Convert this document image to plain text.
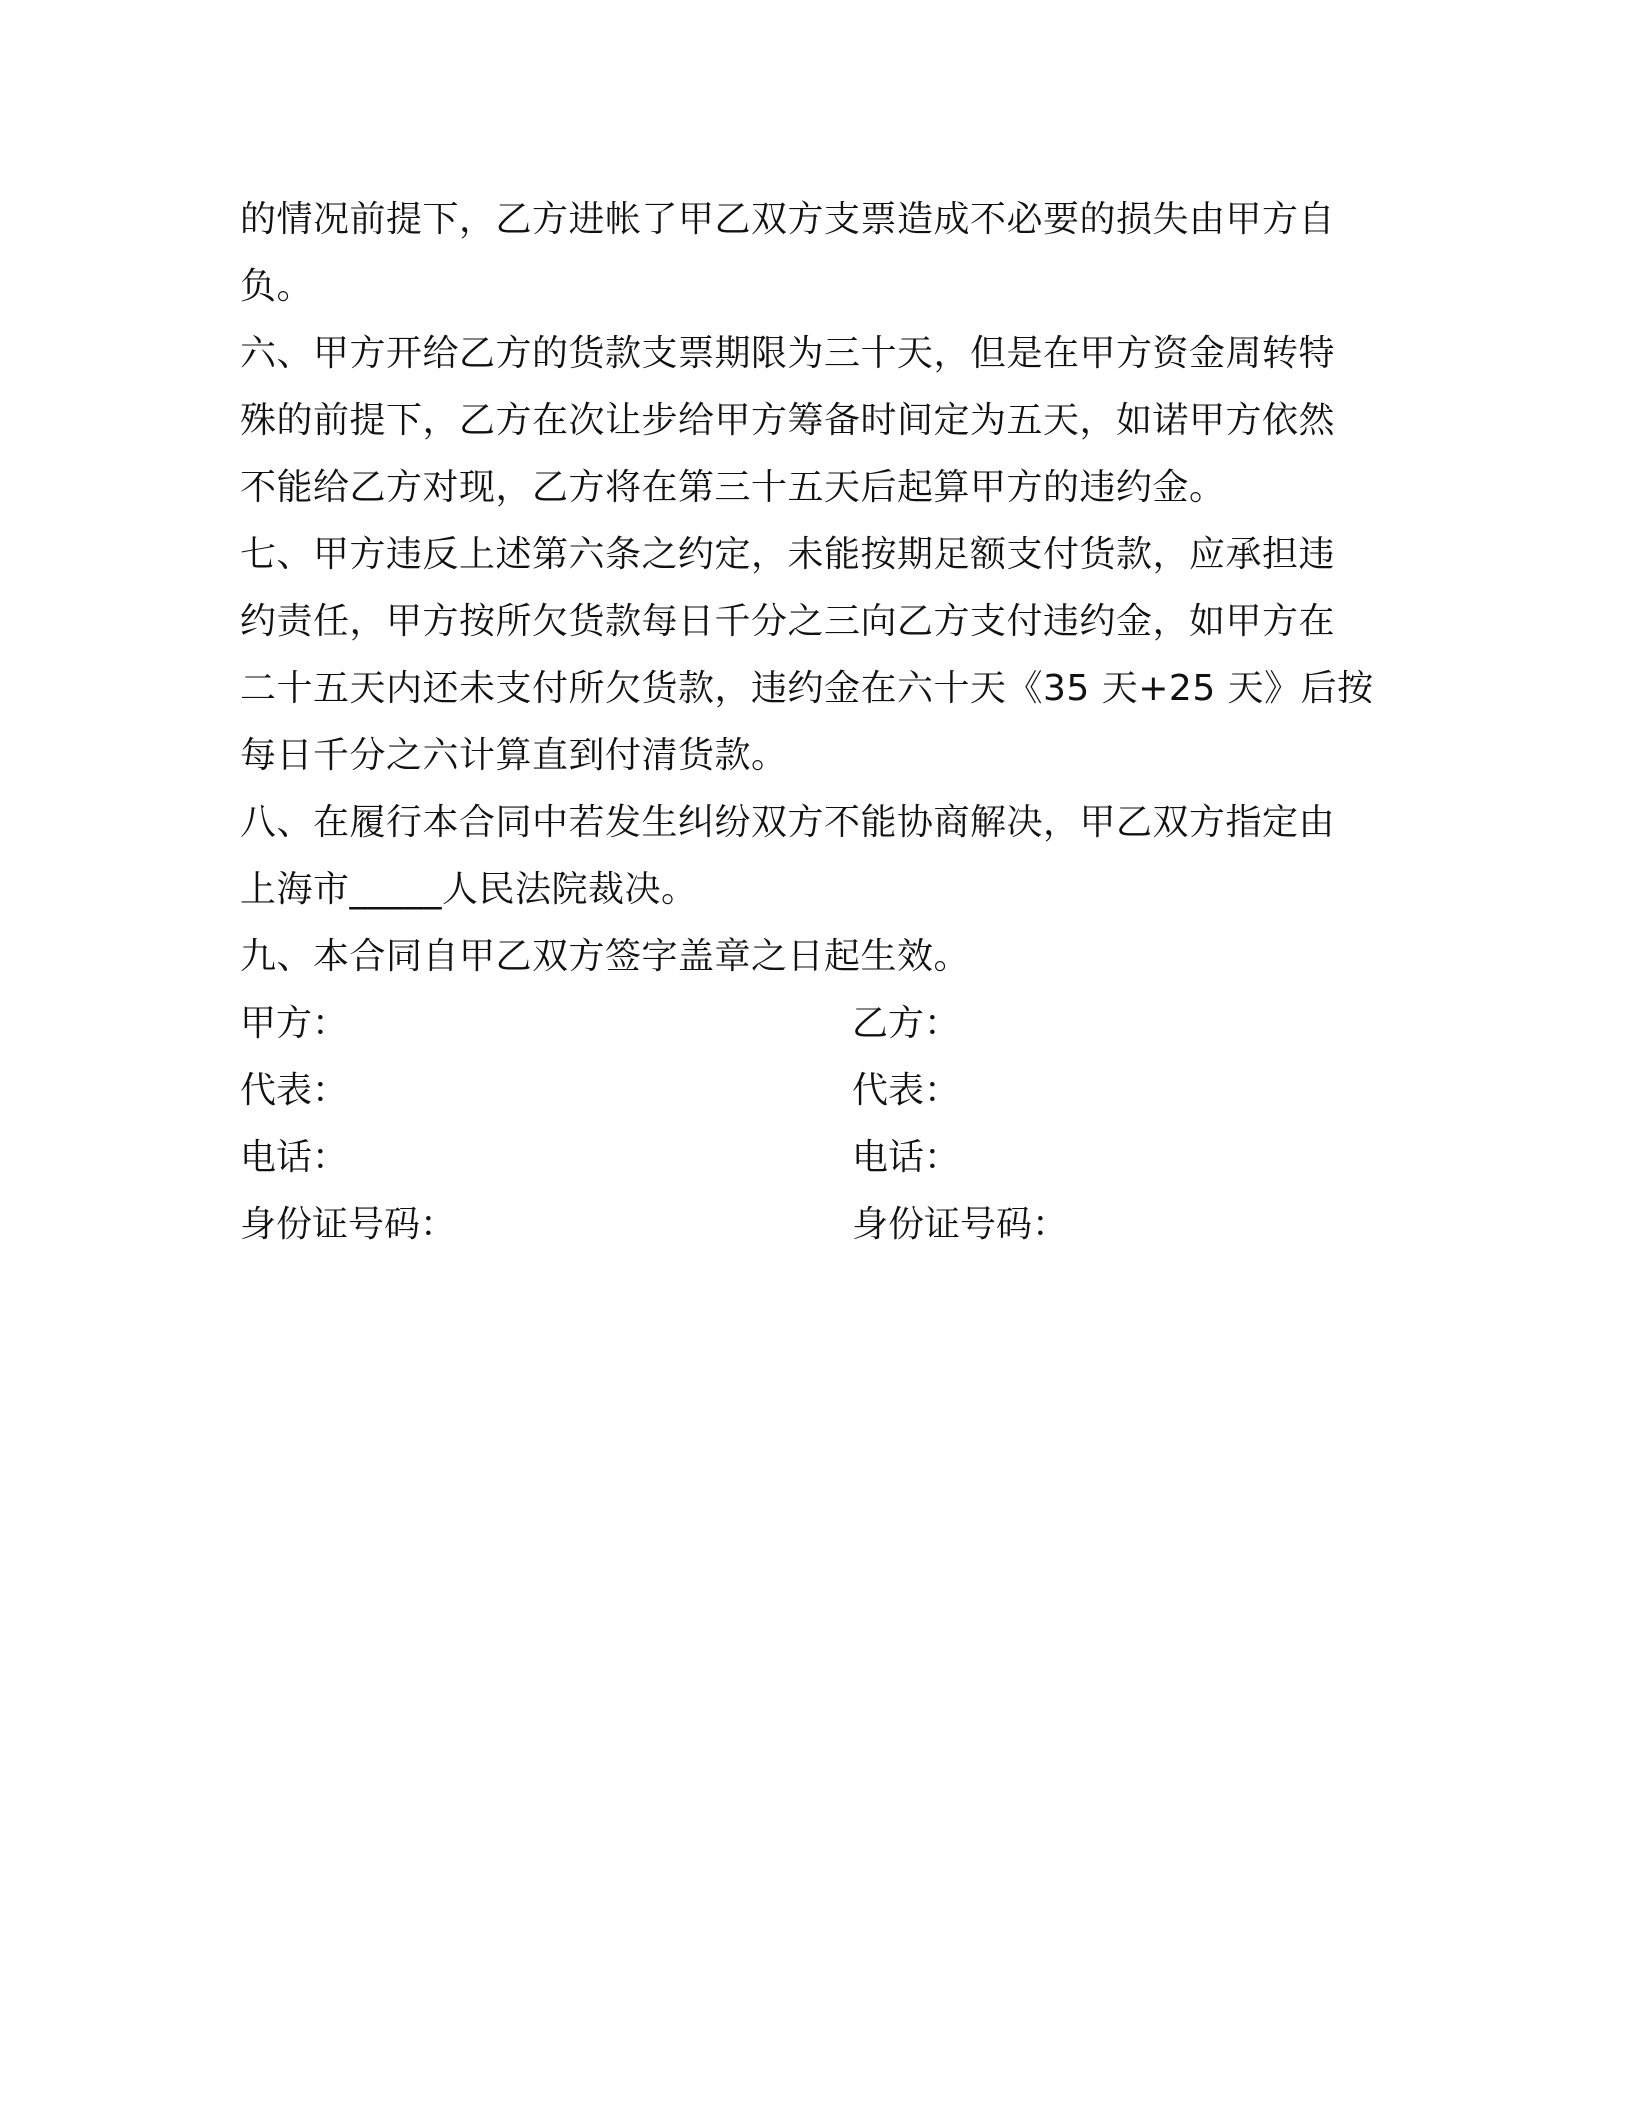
的情况前提下，乙方进帐了甲乙双方支票造成不必要的损失由甲方自
负。
六、甲方开给乙方的货款支票期限为三十天，但是在甲方资金周转特
殊的前提下，乙方在次让步给甲方筹备时间定为五天，如诺甲方依然
不能给乙方对现，乙方将在第三十五天后起算甲方的违约金。
七、甲方违反上述第六条之约定，未能按期足额支付货款，应承担违
约责任，甲方按所欠货款每日千分之三向乙方支付违约金，如甲方在
二十五天内还未支付所欠货款，违约金在六十天《35 天+25 天》后按
每日千分之六计算直到付清货款。
八、在履行本合同中若发生纠纷双方不能协商解决，甲乙双方指定由
上海市_____人民法院裁决。
九、本合同自甲乙双方签字盖章之日起生效。
甲方：	乙方：
代表：	代表：
电话：	电话：
身份证号码：	身份证号码：
